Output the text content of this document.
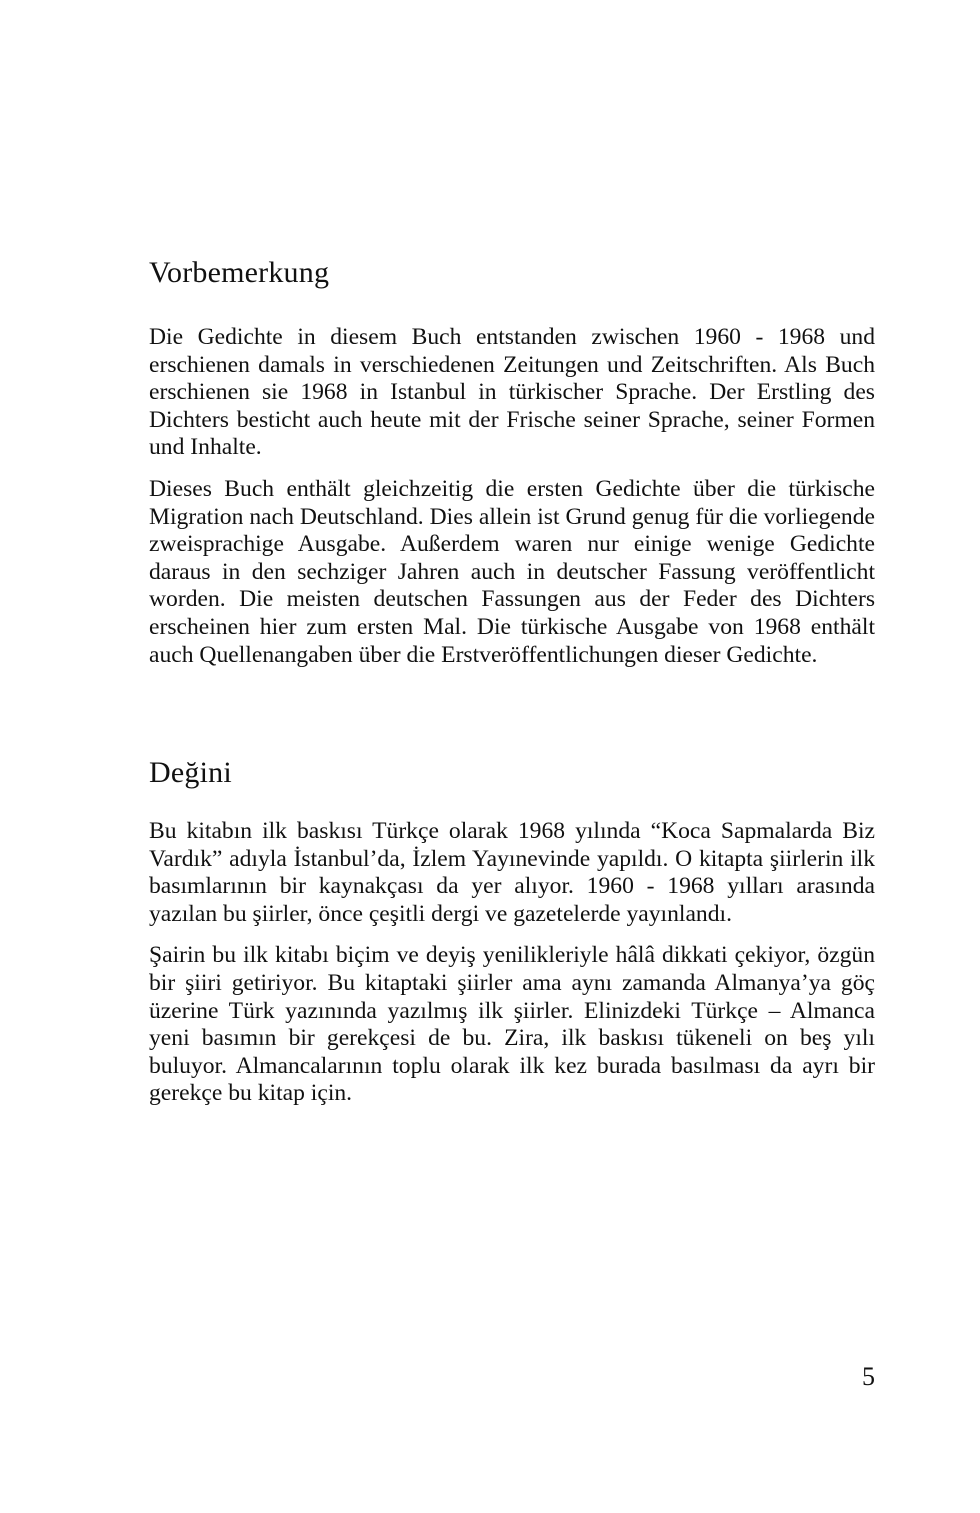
Vorbemerkung

Die Gedichte in diesem Buch entstanden zwischen 1960 - 1968 und erschienen damals in verschiedenen Zeitungen und Zeitschriften. Als Buch erschienen sie 1968 in Istanbul in türkischer Sprache. Der Erstling des Dichters besticht auch heute mit der Frische seiner Sprache, seiner Formen und Inhalte.

Dieses Buch enthält gleichzeitig die ersten Gedichte über die türkische Migration nach Deutschland. Dies allein ist Grund genug für die vorliegende zweisprachige Ausgabe. Außerdem waren nur einige wenige Gedichte daraus in den sechziger Jahren auch in deutscher Fassung veröffentlicht worden. Die meisten deutschen Fassungen aus der Feder des Dichters erscheinen hier zum ersten Mal. Die türkische Ausgabe von 1968 enthält auch Quellenangaben über die Erstveröffentlichungen dieser Gedichte.

Değini

Bu kitabın ilk baskısı Türkçe olarak 1968 yılında “Koca Sapmalarda Biz Vardık” adıyla İstanbul’da, İzlem Yayınevinde yapıldı. O kitapta şiirlerin ilk basımlarının bir kaynakçası da yer alıyor. 1960 - 1968 yılları arasında yazılan bu şiirler, önce çeşitli dergi ve gazetelerde yayınlandı.

Şairin bu ilk kitabı biçim ve deyiş yenilikleriyle hâlâ dikkati çekiyor, özgün bir şiiri getiriyor. Bu kitaptaki şiirler ama aynı zamanda Almanya’ya göç üzerine Türk yazınında yazılmış ilk şiirler. Elinizdeki Türkçe – Almanca yeni basımın bir gerekçesi de bu. Zira, ilk baskısı tükeneli on beş yılı buluyor. Almancalarının toplu olarak ilk kez burada basılması da ayrı bir gerekçe bu kitap için.

5
